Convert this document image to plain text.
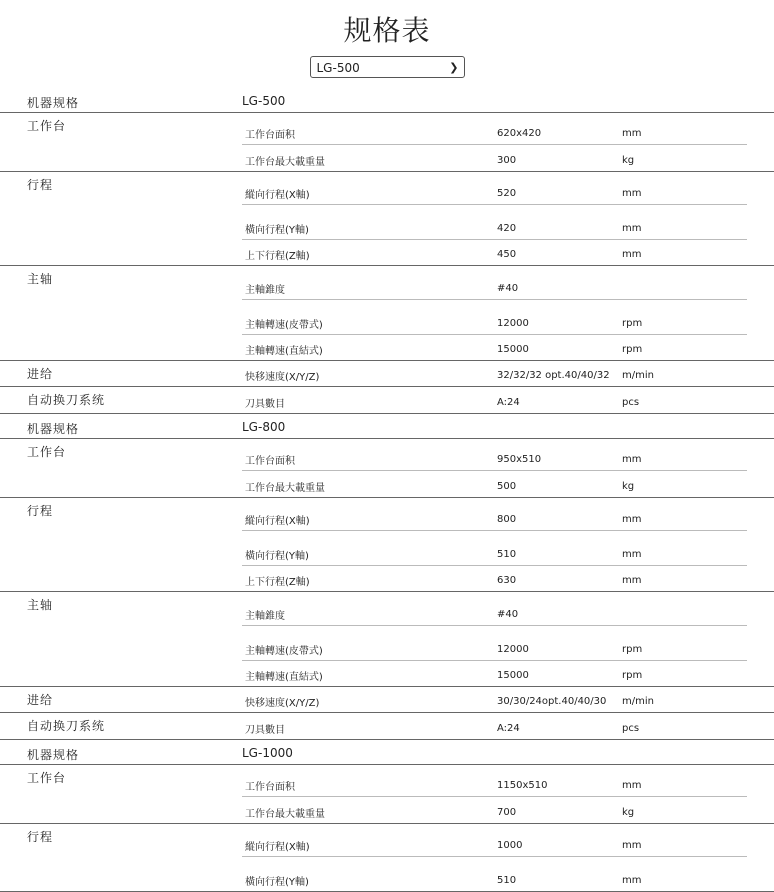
规格表
LG-500	❯
机器规格	LG-500
工作台
工作台面积	620x420	mm
工作台最大載重量	300	kg
行程
縱向行程(X軸)	520	mm
橫向行程(Y軸)	420	mm
上下行程(Z軸)	450	mm
主轴
主軸錐度	#40
主軸轉速(皮帶式)	12000	rpm
主軸轉速(直結式)	15000	rpm
进给	快移速度(X/Y/Z)	32/32/32 opt.40/40/32 m/min
自动换刀系统	刀具數目	A:24	pcs
机器规格	LG-800
工作台
工作台面积	950x510	mm
工作台最大載重量	500	kg
行程
縱向行程(X軸)	800	mm
橫向行程(Y軸)	510	mm
上下行程(Z軸)	630	mm
主轴
主軸錐度	#40
主軸轉速(皮帶式)	12000	rpm
主軸轉速(直結式)	15000	rpm
进给	快移速度(X/Y/Z)	30/30/24opt.40/40/30 m/min
自动换刀系统	刀具數目	A:24	pcs
机器规格	LG-1000
工作台
工作台面积	1150x510	mm
工作台最大載重量	700	kg
行程
縱向行程(X軸)	1000	mm
橫向行程(Y軸)	510	mm
